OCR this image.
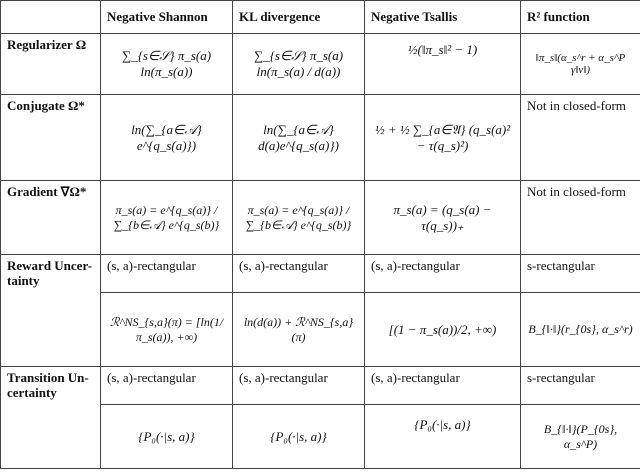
	Negative Shannon	KL divergence	Negative Tsallis	R² function
Regularizer Ω	∑_{s∈𝒮} π_s(a) ln(π_s(a))	∑_{s∈𝒮} π_s(a) ln(π_s(a) / d(a))	½(‖π_s‖² − 1)	‖π_s‖(α_s^r + α_s^P γ‖v‖)
Conjugate Ω*	ln(∑_{a∈𝒜} e^{q_s(a)})	ln(∑_{a∈𝒜} d(a)e^{q_s(a)})	½ + ½ ∑_{a∈𝔄} (q_s(a)² − τ(q_s)²)	Not in closed-form
Gradient ∇Ω*	π_s(a) = e^{q_s(a)} / ∑_{b∈𝒜} e^{q_s(b)}	π_s(a) = e^{q_s(a)} / ∑_{b∈𝒜} e^{q_s(b)}	π_s(a) = (q_s(a) − τ(q_s))₊	Not in closed-form
Reward Uncer-tainty	(s, a)-rectangular	(s, a)-rectangular	(s, a)-rectangular	s-rectangular
	ℛ^NS_{s,a}(π) = [ln(1/π_s(a)), +∞)	ln(d(a)) + ℛ^NS_{s,a}(π)	[(1 − π_s(a))/2, +∞)	B_{‖·‖}(r_{0s}, α_s^r)
Transition Un-certainty	(s, a)-rectangular	(s, a)-rectangular	(s, a)-rectangular	s-rectangular
	{P₀(·|s, a)}	{P₀(·|s, a)}	{P₀(·|s, a)}	B_{‖·‖}(P_{0s}, α_s^P)
